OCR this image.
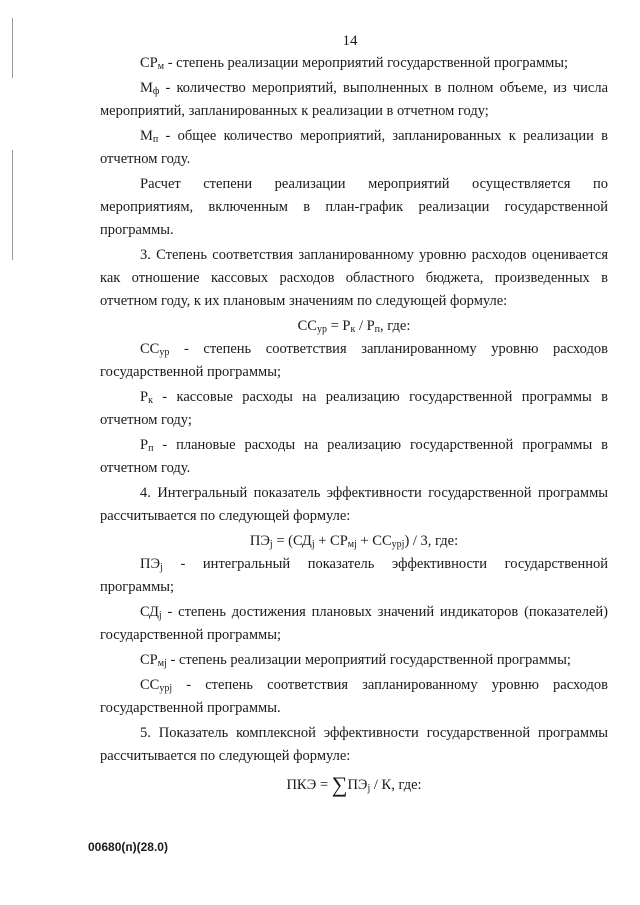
14

$СР_м$ - степень реализации мероприятий государственной программы;

$М_ф$ - количество мероприятий, выполненных в полном объеме, из числа мероприятий, запланированных к реализации в отчетном году;

$М_п$ - общее количество мероприятий, запланированных к реализации в отчетном году.

Расчет степени реализации мероприятий осуществляется по мероприятиям, включенным в план-график реализации государственной программы.

3. Степень соответствия запланированному уровню расходов оценивается как отношение кассовых расходов областного бюджета, произведенных в отчетном году, к их плановым значениям по следующей формуле:

$СС_{ур} = Р_к / Р_п$, где:

$СС_{ур}$ - степень соответствия запланированному уровню расходов государственной программы;

$Р_к$ - кассовые расходы на реализацию государственной программы в отчетном году;

$Р_п$ - плановые расходы на реализацию государственной программы в отчетном году.

4. Интегральный показатель эффективности государственной программы рассчитывается по следующей формуле:

$ПЭ_j = (СД_j + СР_{мj} + СС_{урj}) / 3$, где:

$ПЭ_j$ - интегральный показатель эффективности государственной программы;

$СД_j$ - степень достижения плановых значений индикаторов (показателей) государственной программы;

$СР_{мj}$ - степень реализации мероприятий государственной программы;

$СС_{урj}$ - степень соответствия запланированному уровню расходов государственной программы.

5. Показатель комплексной эффективности государственной программы рассчитывается по следующей формуле:

ПКЭ = $\sum ПЭ_j$ / К, где:

00680(п)(28.0)
